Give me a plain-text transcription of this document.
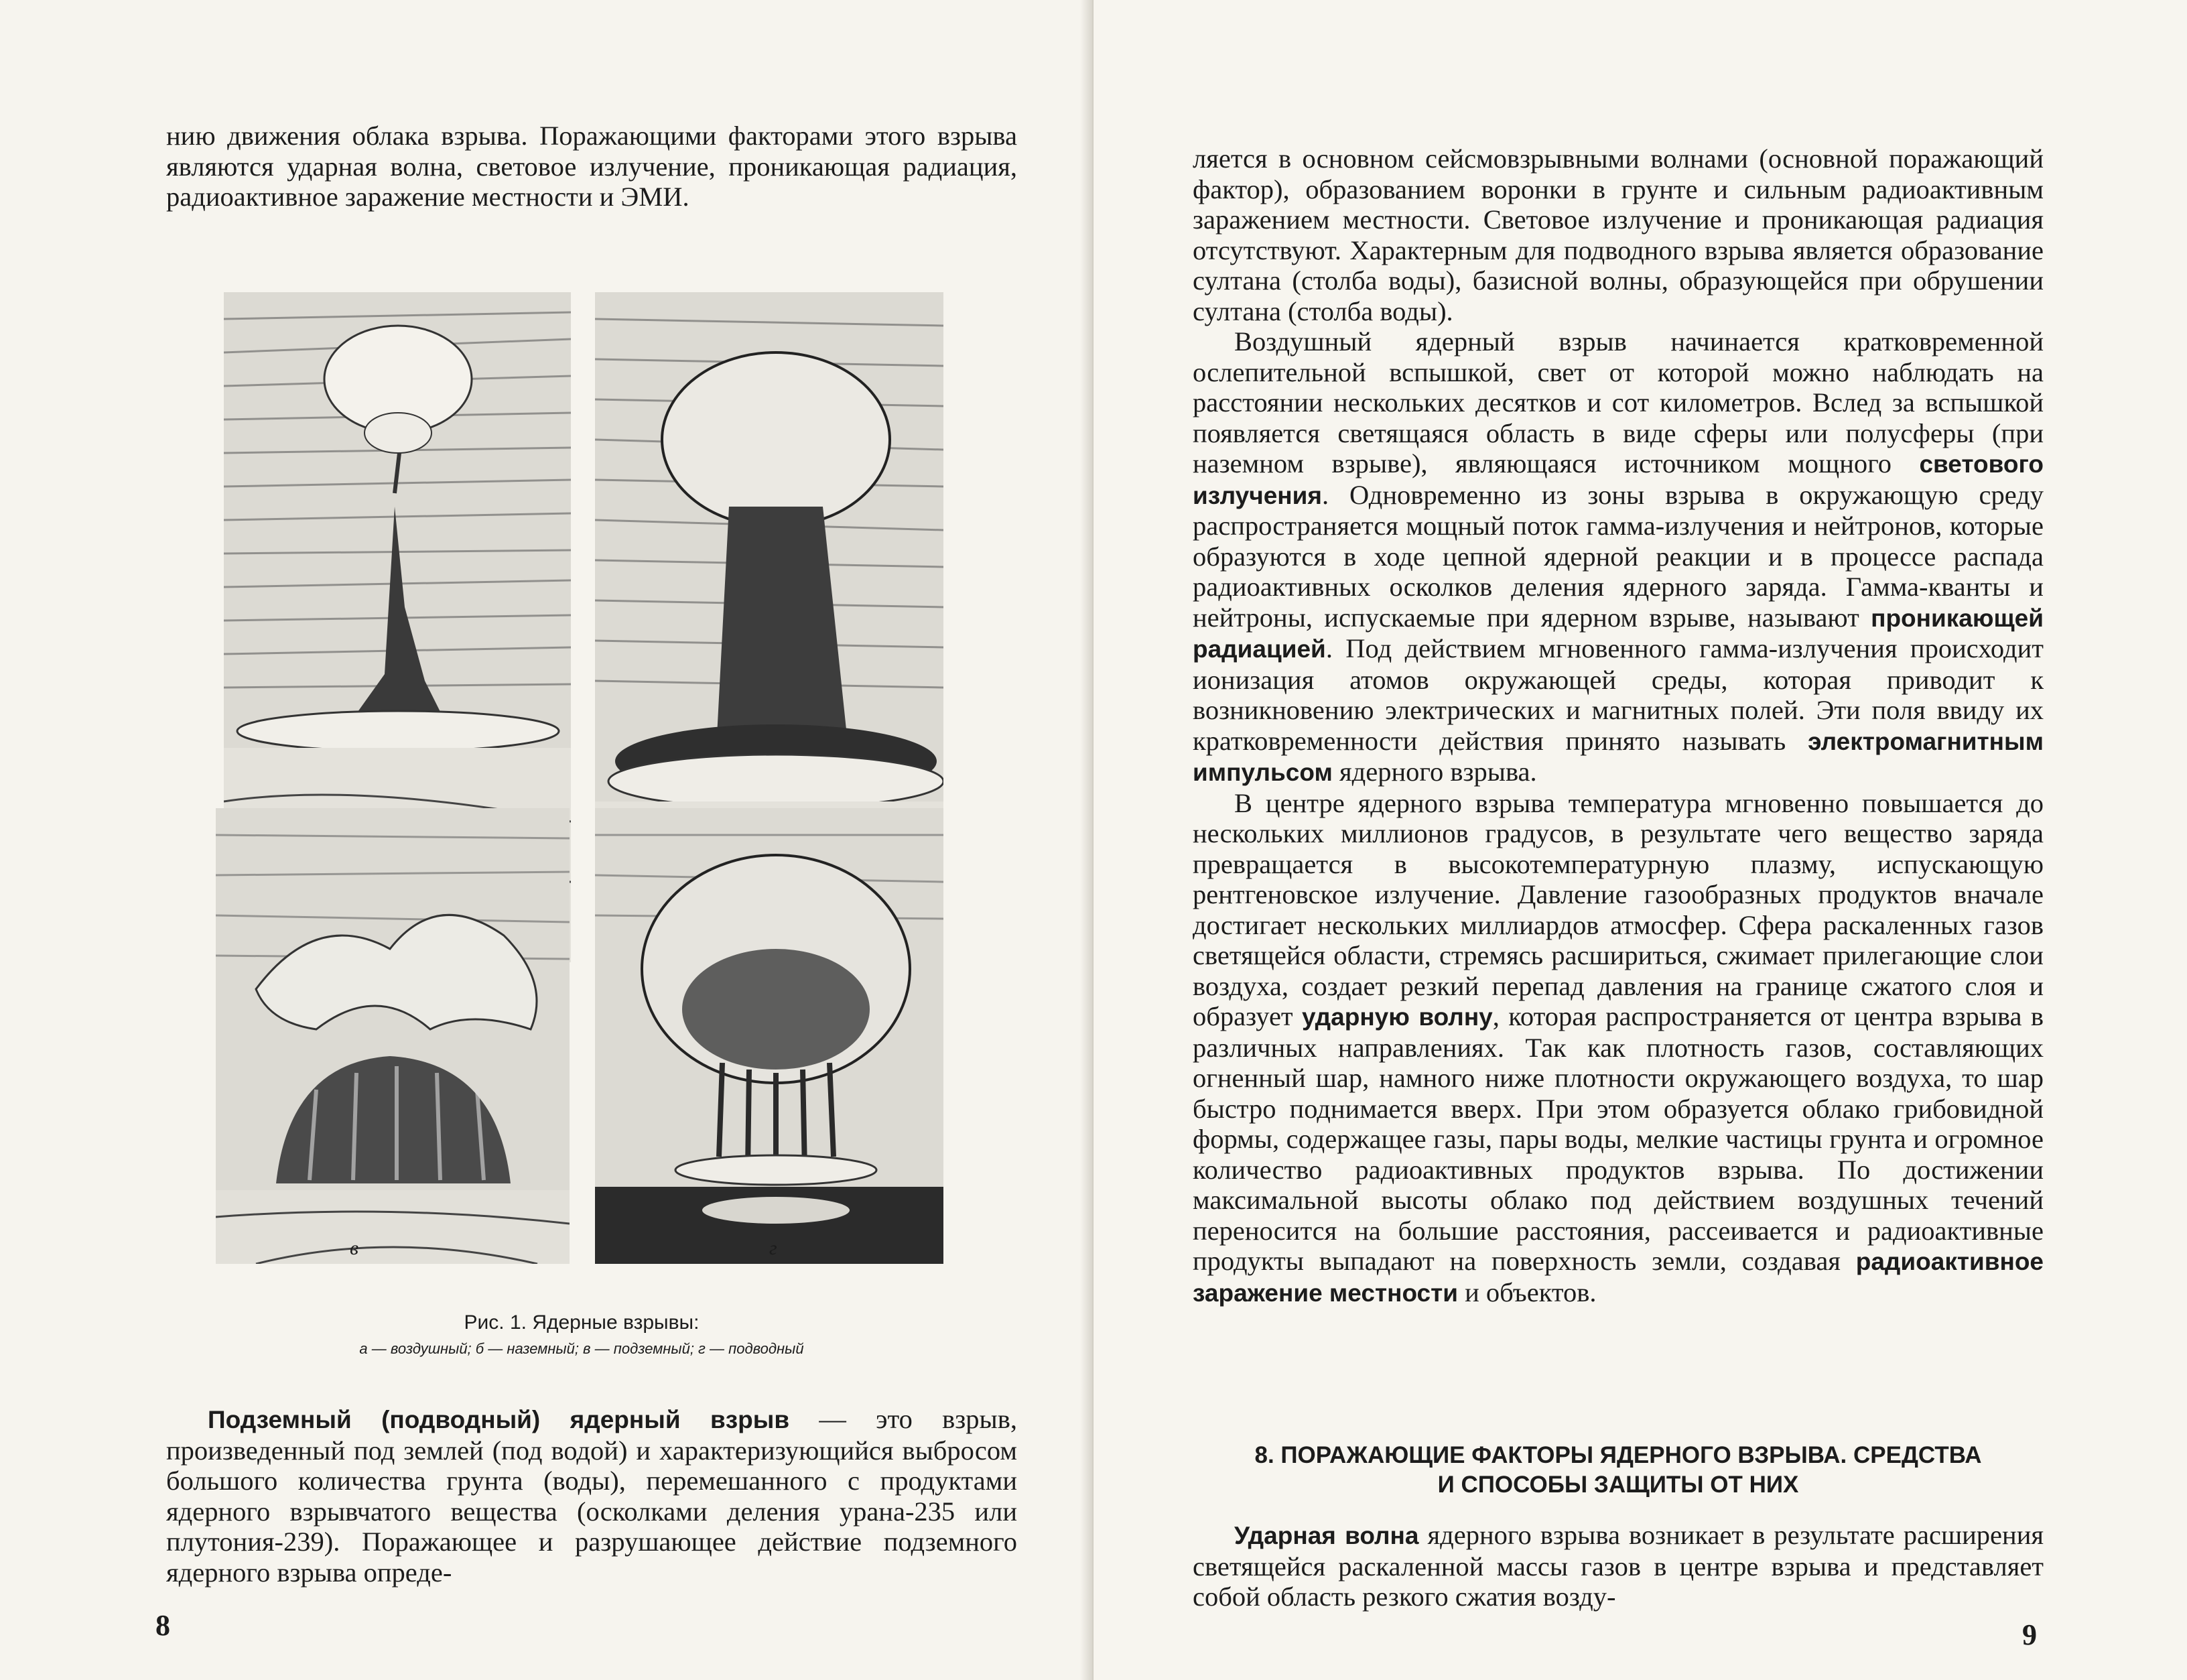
нию движения облака взрыва. Поражающими факторами этого взрыва являются ударная волна, световое излучение, проникающая радиация, радиоактивное заражение местности и ЭМИ.

в	г
Рис. 1. Ядерные взрывы:
а — воздушный; б — наземный; в — подземный; г — подводный

Подземный (подводный) ядерный взрыв — это взрыв, произведенный под землей (под водой) и характеризующийся выбросом большого количества грунта (воды), перемешанного с продуктами ядерного взрывчатого вещества (осколками деления урана-235 или плутония-239). Поражающее и разрушающее действие подземного ядерного взрыва опреде-

8

ляется в основном сейсмовзрывными волнами (основной поражающий фактор), образованием воронки в грунте и сильным радиоактивным заражением местности. Световое излучение и проникающая радиация отсутствуют. Характерным для подводного взрыва является образование султана (столба воды), базисной волны, образующейся при обрушении султана (столба воды).

Воздушный ядерный взрыв начинается кратковременной ослепительной вспышкой, свет от которой можно наблюдать на расстоянии нескольких десятков и сот километров. Вслед за вспышкой появляется светящаяся область в виде сферы или полусферы (при наземном взрыве), являющаяся источником мощного светового излучения. Одновременно из зоны взрыва в окружающую среду распространяется мощный поток гамма-излучения и нейтронов, которые образуются в ходе цепной ядерной реакции и в процессе распада радиоактивных осколков деления ядерного заряда. Гамма-кванты и нейтроны, испускаемые при ядерном взрыве, называют проникающей радиацией. Под действием мгновенного гамма-излучения происходит ионизация атомов окружающей среды, которая приводит к возникновению электрических и магнитных полей. Эти поля ввиду их кратковременности действия принято называть электромагнитным импульсом ядерного взрыва.

В центре ядерного взрыва температура мгновенно повышается до нескольких миллионов градусов, в результате чего вещество заряда превращается в высокотемпературную плазму, испускающую рентгеновское излучение. Давление газообразных продуктов вначале достигает нескольких миллиардов атмосфер. Сфера раскаленных газов светящейся области, стремясь расшириться, сжимает прилегающие слои воздуха, создает резкий перепад давления на границе сжатого слоя и образует ударную волну, которая распространяется от центра взрыва в различных направлениях. Так как плотность газов, составляющих огненный шар, намного ниже плотности окружающего воздуха, то шар быстро поднимается вверх. При этом образуется облако грибовидной формы, содержащее газы, пары воды, мелкие частицы грунта и огромное количество радиоактивных продуктов взрыва. По достижении максимальной высоты облако под действием воздушных течений переносится на большие расстояния, рассеивается и радиоактивные продукты выпадают на поверхность земли, создавая радиоактивное заражение местности и объектов.

8. ПОРАЖАЮЩИЕ ФАКТОРЫ ЯДЕРНОГО ВЗРЫВА. СРЕДСТВА
И СПОСОБЫ ЗАЩИТЫ ОТ НИХ

Ударная волна ядерного взрыва возникает в результате расширения светящейся раскаленной массы газов в центре взрыва и представляет собой область резкого сжатия возду-

9
